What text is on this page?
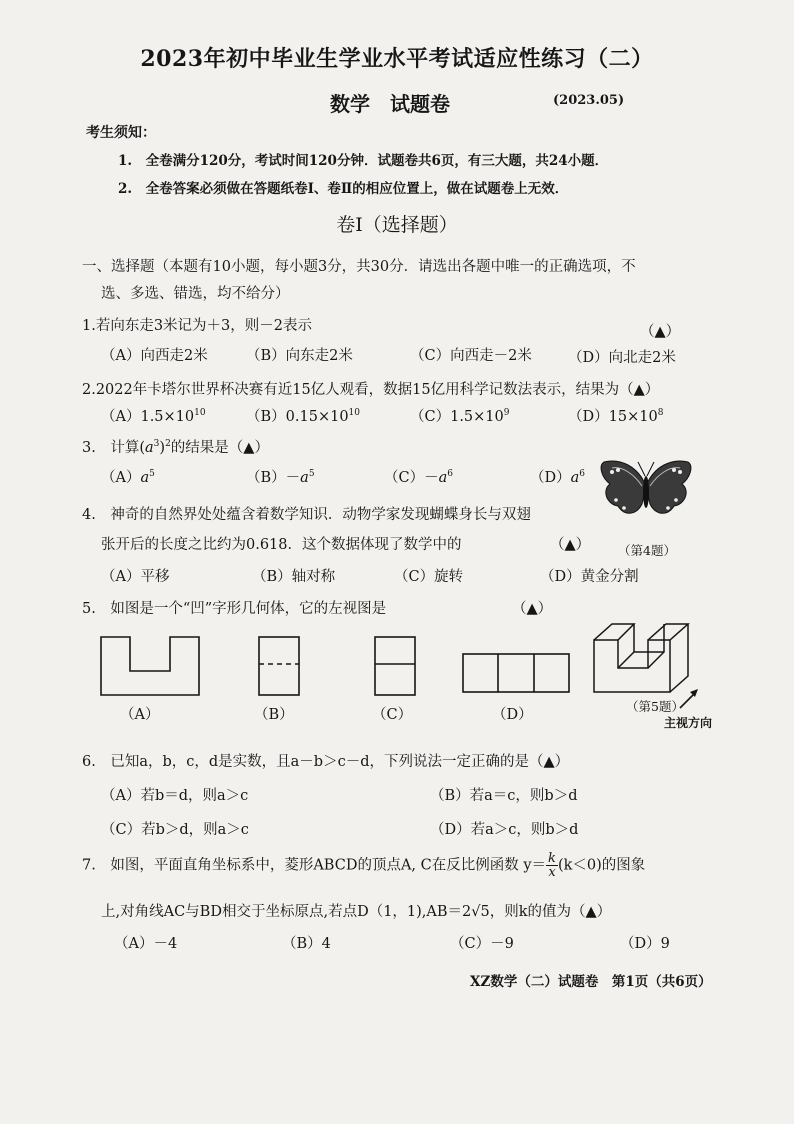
2023年初中毕业生学业水平考试适应性练习（二）
数学　试题卷	(2023.05)
考生须知：
1.　全卷满分120分，考试时间120分钟．试题卷共6页，有三大题，共24小题．
2.　全卷答案必须做在答题纸卷Ⅰ、卷Ⅱ的相应位置上，做在试题卷上无效．
卷Ⅰ（选择题）
一、选择题（本题有10小题，每小题3分，共30分．请选出各题中唯一的正确选项，不
选、多选、错选，均不给分）
1.若向东走3米记为＋3，则－2表示	（▲）
（A）向西走2米	（B）向东走2米	（C）向西走－2米 （D）向北走2米
2.2022年卡塔尔世界杯决赛有近15亿人观看，数据15亿用科学记数法表示，结果为（▲）
$(A)1.5\times 10^{10}$	$(B)0.15\times 10^{10}$	$(C)1.5\times 10^9$	$(D)15\times 10^8$
3.　计算$(a^3)^2$的结果是（▲）
$(A)a^5$	$(B)-a^5$	$(C)-a^6$	$(D)a^6$
4.　神奇的自然界处处蕴含着数学知识．动物学家发现蝴蝶身长与双翅
张开后的长度之比约为0.618．这个数据体现了数学中的	（▲） （第4题）
（A）平移	（B）轴对称	（C）旋转	（D）黄金分割
5.　如图是一个“凹”字形几何体，它的左视图是	（▲）
（A）	（B）	（C）	（D）
（第5题）
主视方向
6.　已知a，b，c，d是实数，且a－b＞c－d，下列说法一定正确的是（▲）
（A）若b＝d，则a＞c	（B）若a＝c，则b＞d
（C）若b＞d，则a＞c	（D）若a＞c，则b＞d
7.　如图，平面直角坐标系中，菱形ABCD的顶点A, C在反比例函数 $y= \frac{k}{x} (k<0)$的图象
上,对角线AC与BD相交于坐标原点,若点D（1，1),AB＝2√5，则k的值为（▲）
（A）－4	（B）4	（C）－9	（D）9
XZ数学（二）试题卷　第1页（共6页）
